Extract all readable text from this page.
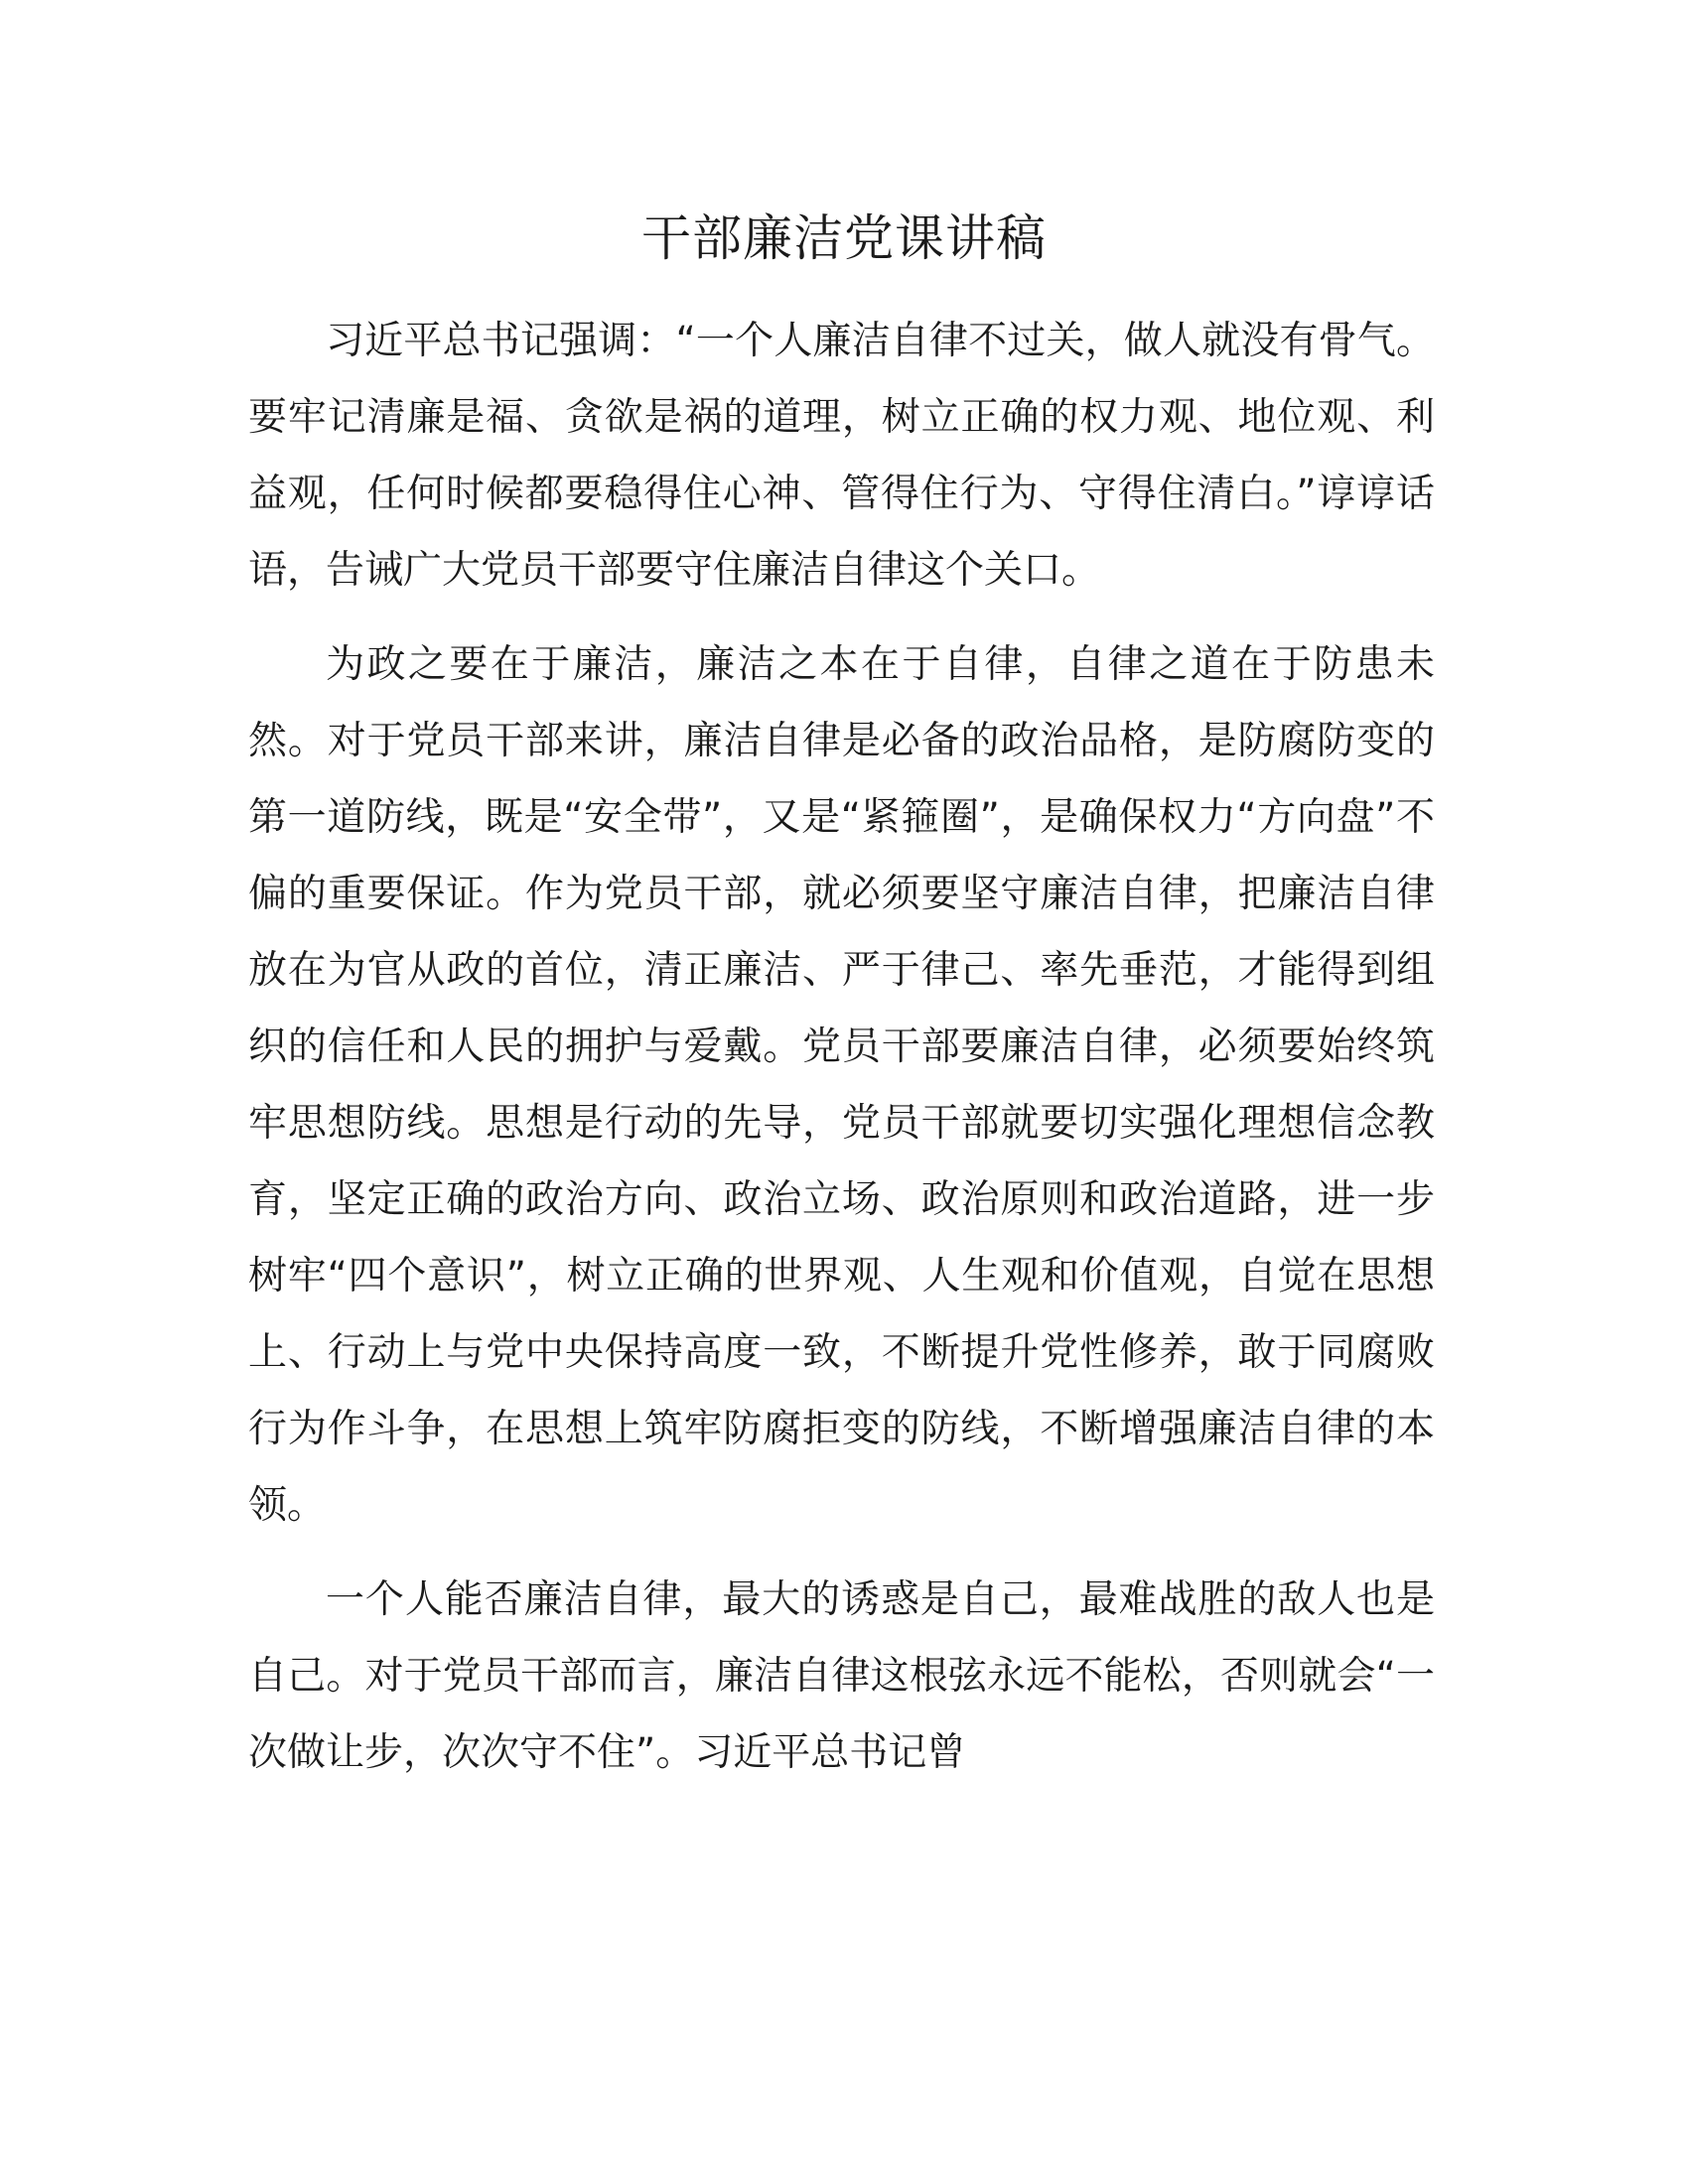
干部廉洁党课讲稿

习近平总书记强调：“一个人廉洁自律不过关，做人就没有骨气。要牢记清廉是福、贪欲是祸的道理，树立正确的权力观、地位观、利益观，任何时候都要稳得住心神、管得住行为、守得住清白。”谆谆话语，告诫广大党员干部要守住廉洁自律这个关口。

为政之要在于廉洁，廉洁之本在于自律，自律之道在于防患未然。对于党员干部来讲，廉洁自律是必备的政治品格，是防腐防变的第一道防线，既是“安全带”，又是“紧箍圈”，是确保权力“方向盘”不偏的重要保证。作为党员干部，就必须要坚守廉洁自律，把廉洁自律放在为官从政的首位，清正廉洁、严于律己、率先垂范，才能得到组织的信任和人民的拥护与爱戴。党员干部要廉洁自律，必须要始终筑牢思想防线。思想是行动的先导，党员干部就要切实强化理想信念教育，坚定正确的政治方向、政治立场、政治原则和政治道路，进一步树牢“四个意识”，树立正确的世界观、人生观和价值观，自觉在思想上、行动上与党中央保持高度一致，不断提升党性修养，敢于同腐败行为作斗争，在思想上筑牢防腐拒变的防线，不断增强廉洁自律的本领。

一个人能否廉洁自律，最大的诱惑是自己，最难战胜的敌人也是自己。对于党员干部而言，廉洁自律这根弦永远不能松，否则就会“一次做让步，次次守不住”。习近平总书记曾
